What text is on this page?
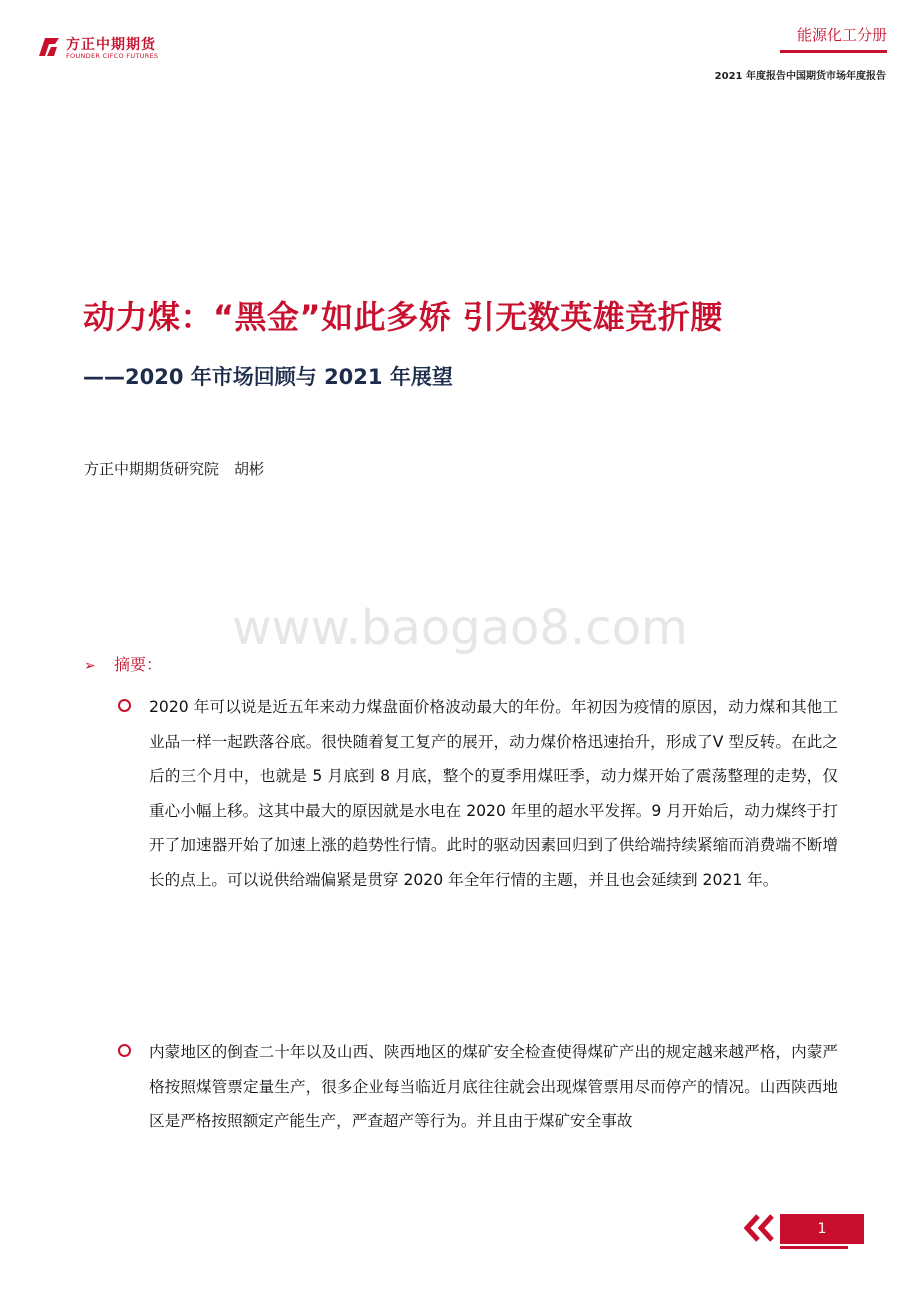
方正中期期货
FOUNDER CIFCO FUTURES
能源化工分册
2021 年度报告中国期货市场年度报告
动力煤：“黑金”如此多娇 引无数英雄竞折腰
——2020 年市场回顾与 2021 年展望
方正中期期货研究院　胡彬
www.baogao8.com
➢ 摘要：
2020 年可以说是近五年来动力煤盘面价格波动最大的年份。年初因为疫情的原因，动力煤和其他工业品一样一起跌落谷底。很快随着复工复产的展开，动力煤价格迅速抬升，形成了V 型反转。在此之后的三个月中，也就是 5 月底到 8 月底，整个的夏季用煤旺季，动力煤开始了震荡整理的走势，仅重心小幅上移。这其中最大的原因就是水电在 2020 年里的超水平发挥。9 月开始后，动力煤终于打开了加速器开始了加速上涨的趋势性行情。此时的驱动因素回归到了供给端持续紧缩而消费端不断增长的点上。可以说供给端偏紧是贯穿 2020 年全年行情的主题，并且也会延续到 2021 年。
内蒙地区的倒查二十年以及山西、陕西地区的煤矿安全检查使得煤矿产出的规定越来越严格，内蒙严格按照煤管票定量生产，很多企业每当临近月底往往就会出现煤管票用尽而停产的情况。山西陕西地区是严格按照额定产能生产，严查超产等行为。并且由于煤矿安全事故
1
